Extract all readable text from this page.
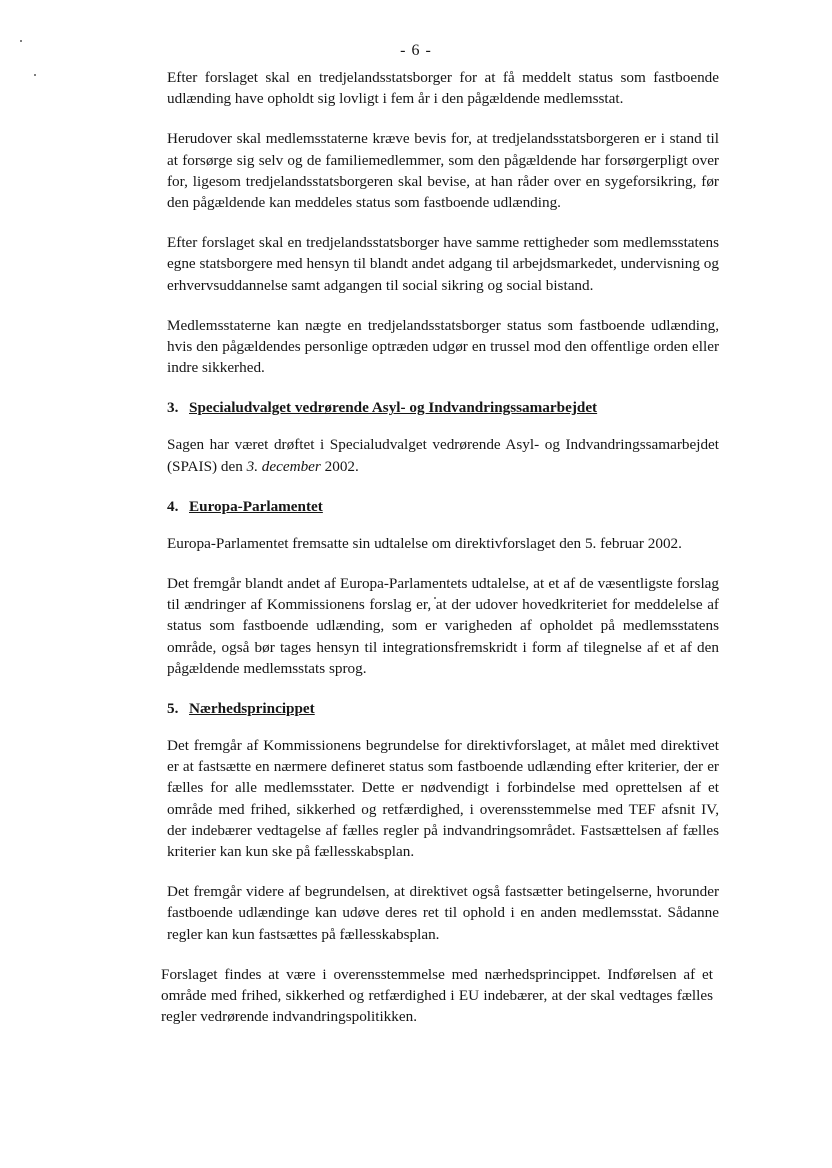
- 6 -

Efter forslaget skal en tredjelandsstatsborger for at få meddelt status som fastboende udlænding have opholdt sig lovligt i fem år i den pågældende medlemsstat.

Herudover skal medlemsstaterne kræve bevis for, at tredjelandsstatsborgeren er i stand til at forsørge sig selv og de familiemedlemmer, som den pågældende har forsørgerpligt over for, ligesom tredjelandsstatsborgeren skal bevise, at han råder over en sygeforsikring, før den pågældende kan meddeles status som fastboende udlænding.

Efter forslaget skal en tredjelandsstatsborger have samme rettigheder som medlemsstatens egne statsborgere med hensyn til blandt andet adgang til arbejdsmarkedet, undervisning og erhvervsuddannelse samt adgangen til social sikring og social bistand.

Medlemsstaterne kan nægte en tredjelandsstatsborger status som fastboende udlænding, hvis den pågældendes personlige optræden udgør en trussel mod den offentlige orden eller indre sikkerhed.

3. Specialudvalget vedrørende Asyl- og Indvandringssamarbejdet

Sagen har været drøftet i Specialudvalget vedrørende Asyl- og Indvandringssamarbejdet (SPAIS) den 3. december 2002.

4. Europa-Parlamentet

Europa-Parlamentet fremsatte sin udtalelse om direktivforslaget den 5. februar 2002.

Det fremgår blandt andet af Europa-Parlamentets udtalelse, at et af de væsentligste forslag til ændringer af Kommissionens forslag er, at der udover hovedkriteriet for meddelelse af status som fastboende udlænding, som er varigheden af opholdet på medlemsstatens område, også bør tages hensyn til integrationsfremskridt i form af tilegnelse af et af den pågældende medlemsstats sprog.

5. Nærhedsprincippet

Det fremgår af Kommissionens begrundelse for direktivforslaget, at målet med direktivet er at fastsætte en nærmere defineret status som fastboende udlænding efter kriterier, der er fælles for alle medlemsstater. Dette er nødvendigt i forbindelse med oprettelsen af et område med frihed, sikkerhed og retfærdighed, i overensstemmelse med TEF afsnit IV, der indebærer vedtagelse af fælles regler på indvandringsområdet. Fastsættelsen af fælles kriterier kan kun ske på fællesskabsplan.

Det fremgår videre af begrundelsen, at direktivet også fastsætter betingelserne, hvorunder fastboende udlændinge kan udøve deres ret til ophold i en anden medlemsstat. Sådanne regler kan kun fastsættes på fællesskabsplan.

Forslaget findes at være i overensstemmelse med nærhedsprincippet. Indførelsen af et område med frihed, sikkerhed og retfærdighed i EU indebærer, at der skal vedtages fælles regler vedrørende indvandringspolitikken.
